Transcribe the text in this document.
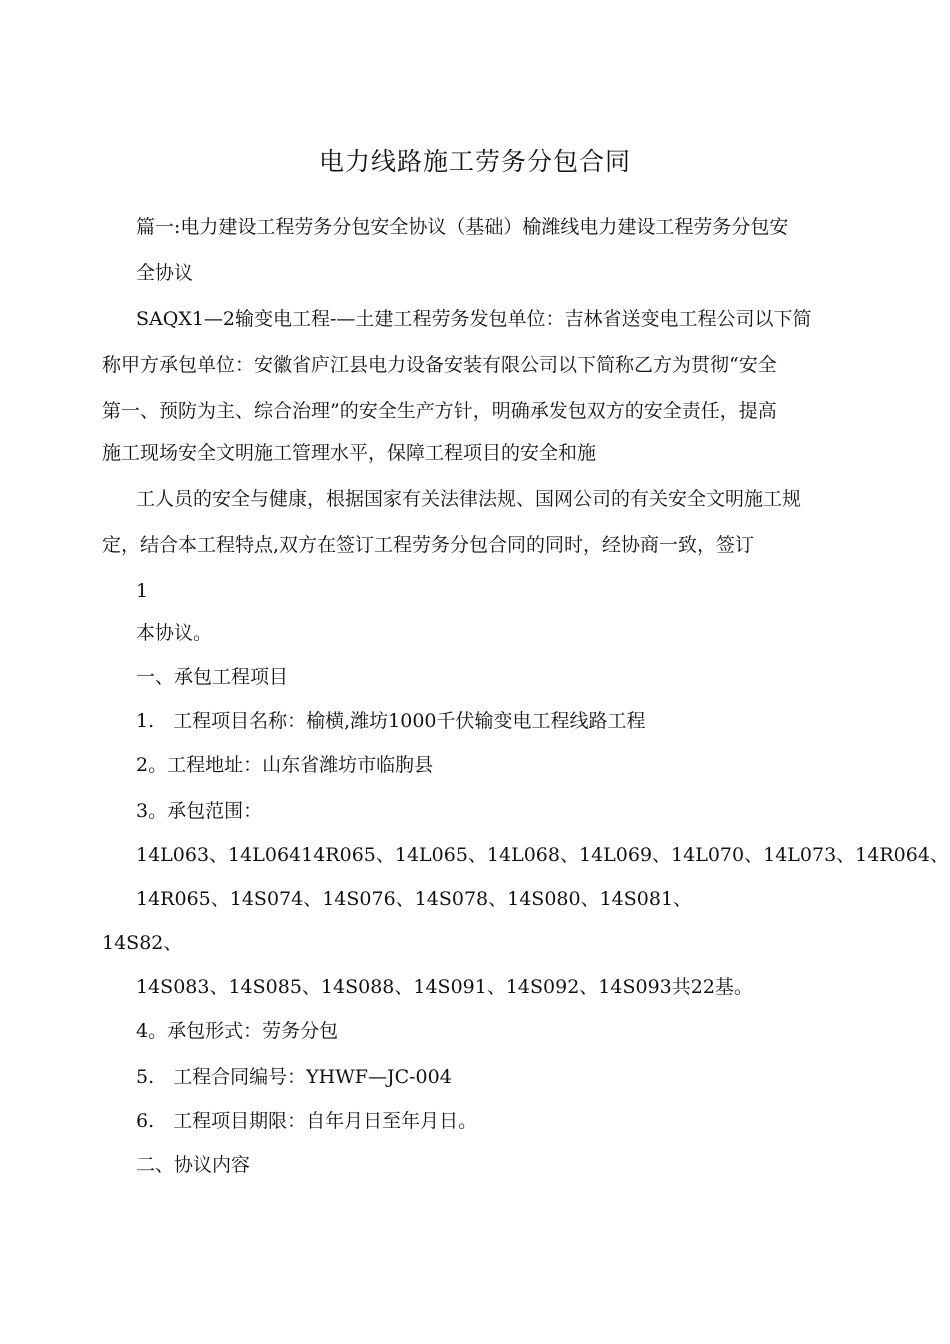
电力线路施工劳务分包合同
篇一:电力建设工程劳务分包安全协议（基础）榆潍线电力建设工程劳务分包安
全协议
SAQX1—2输变电工程-—土建工程劳务发包单位：吉林省送变电工程公司以下简
称甲方承包单位：安徽省庐江县电力设备安装有限公司以下简称乙方为贯彻“安全
第一、预防为主、综合治理”的安全生产方针，明确承发包双方的安全责任，提高
施工现场安全文明施工管理水平，保障工程项目的安全和施
工人员的安全与健康，根据国家有关法律法规、国网公司的有关安全文明施工规
定，结合本工程特点,双方在签订工程劳务分包合同的同时，经协商一致，签订
1
本协议。
一、承包工程项目
1.　工程项目名称：榆横,潍坊1000千伏输变电工程线路工程
2。工程地址：山东省潍坊市临朐县
3。承包范围：
14L063、14L06414R065、14L065、14L068、14L069、14L070、14L073、14R064、
14R065、14S074、14S076、14S078、14S080、14S081、
14S82、
14S083、14S085、14S088、14S091、14S092、14S093共22基。
4。承包形式：劳务分包
5.　工程合同编号：YHWF—JC-004
6.　工程项目期限：自年月日至年月日。
二、协议内容
